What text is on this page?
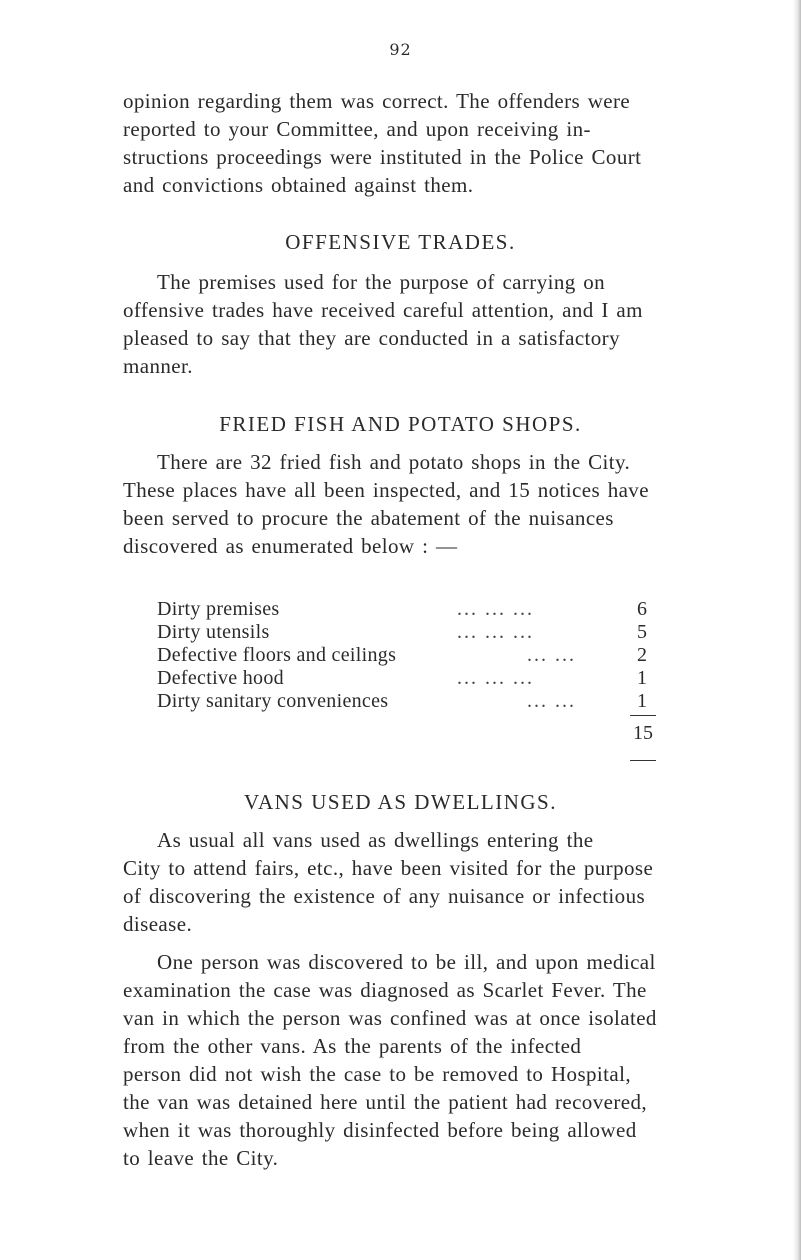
92
opinion regarding them was correct. The offenders were
reported to your Committee, and upon receiving in-
structions proceedings were instituted in the Police Court
and convictions obtained against them.
OFFENSIVE TRADES.
The premises used for the purpose of carrying on
offensive trades have received careful attention, and I am
pleased to say that they are conducted in a satisfactory
manner.
FRIED FISH AND POTATO SHOPS.
There are 32 fried fish and potato shops in the City.
These places have all been inspected, and 15 notices have
been served to procure the abatement of the nuisances
discovered as enumerated below : —
Dirty premises	... ... ...	6
Dirty utensils	... ... ...	5
Defective floors and ceilings	... ...	2
Defective hood	... ... ...	1
Dirty sanitary conveniences	... ...	1
15
VANS USED AS DWELLINGS.
As usual all vans used as dwellings entering the
City to attend fairs, etc., have been visited for the purpose
of discovering the existence of any nuisance or infectious
disease.
One person was discovered to be ill, and upon medical
examination the case was diagnosed as Scarlet Fever. The
van in which the person was confined was at once isolated
from the other vans. As the parents of the infected
person did not wish the case to be removed to Hospital,
the van was detained here until the patient had recovered,
when it was thoroughly disinfected before being allowed
to leave the City.
